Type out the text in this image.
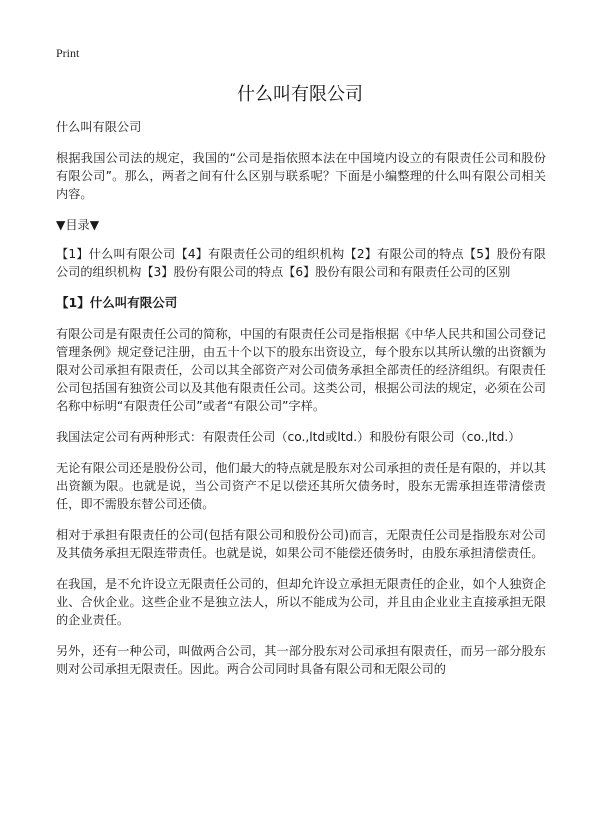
Print
什么叫有限公司

什么叫有限公司

根据我国公司法的规定，我国的“公司是指依照本法在中国境内设立的有限责任公司和股份有限公司”。那么，两者之间有什么区别与联系呢？下面是小编整理的什么叫有限公司相关内容。

▼目录▼

【1】什么叫有限公司【4】有限责任公司的组织机构【2】有限公司的特点【5】股份有限公司的组织机构【3】股份有限公司的特点【6】股份有限公司和有限责任公司的区别

【1】什么叫有限公司

有限公司是有限责任公司的简称，中国的有限责任公司是指根据《中华人民共和国公司登记管理条例》规定登记注册，由五十个以下的股东出资设立，每个股东以其所认缴的出资额为限对公司承担有限责任，公司以其全部资产对公司债务承担全部责任的经济组织。有限责任公司包括国有独资公司以及其他有限责任公司。这类公司，根据公司法的规定，必须在公司名称中标明“有限责任公司”或者“有限公司”字样。

我国法定公司有两种形式：有限责任公司（co.,ltd或ltd.）和股份有限公司（co.,ltd.）

无论有限公司还是股份公司，他们最大的特点就是股东对公司承担的责任是有限的，并以其出资额为限。也就是说，当公司资产不足以偿还其所欠债务时，股东无需承担连带清偿责任，即不需股东替公司还债。

相对于承担有限责任的公司(包括有限公司和股份公司)而言，无限责任公司是指股东对公司及其债务承担无限连带责任。也就是说，如果公司不能偿还债务时，由股东承担清偿责任。

在我国，是不允许设立无限责任公司的，但却允许设立承担无限责任的企业，如个人独资企业、合伙企业。这些企业不是独立法人，所以不能成为公司，并且由企业业主直接承担无限的企业责任。

另外，还有一种公司，叫做两合公司，其一部分股东对公司承担有限责任，而另一部分股东则对公司承担无限责任。因此。两合公司同时具备有限公司和无限公司的
